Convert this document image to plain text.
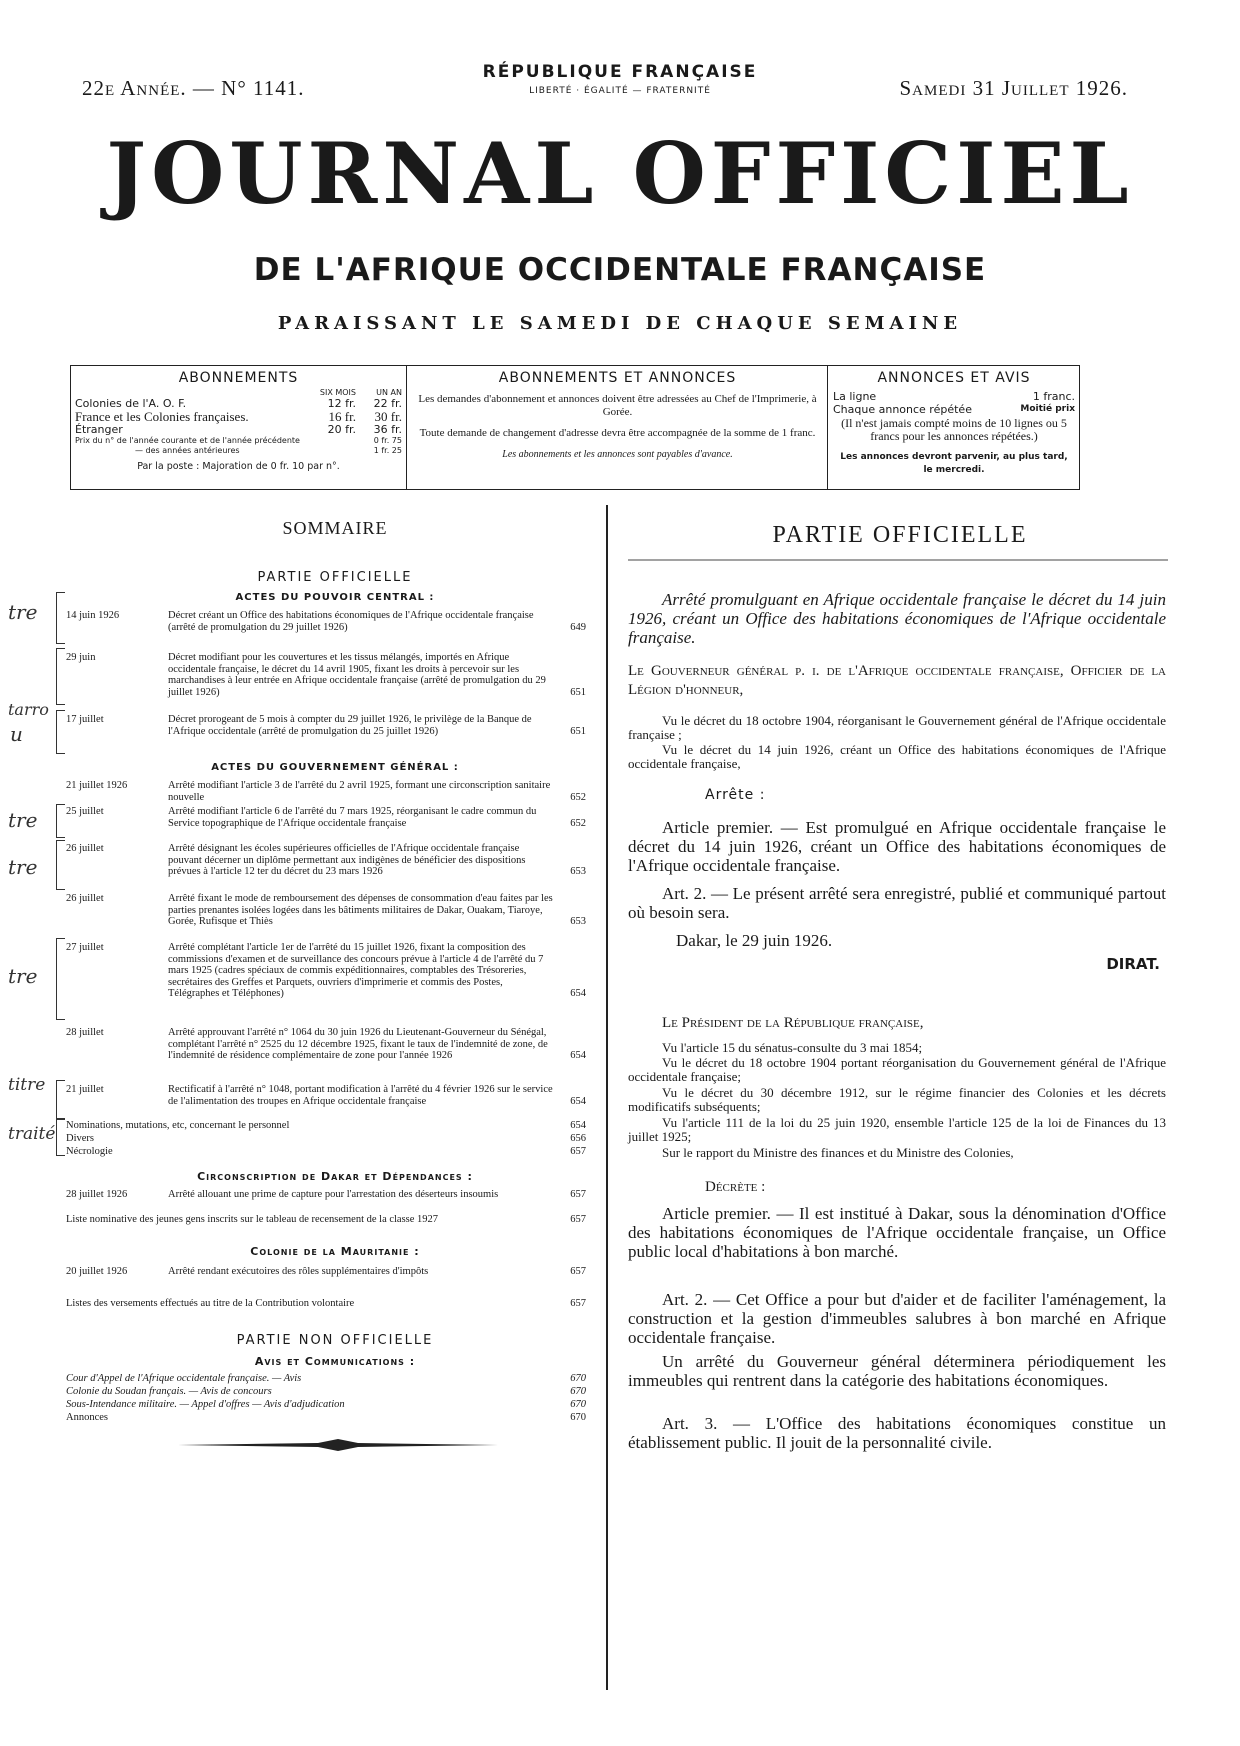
22e Année. — N° 1141.
RÉPUBLIQUE FRANÇAISE
LIBERTÉ · ÉGALITÉ — FRATERNITÉ	Samedi 31 Juillet 1926.
JOURNAL OFFICIEL
DE L'AFRIQUE OCCIDENTALE FRANÇAISE
PARAISSANT LE SAMEDI DE CHAQUE SEMAINE
ABONNEMENTS
SIX MOIS	UN AN
Colonies de l'A. O. F.	12 fr.	22 fr.
France et les Colonies françaises.	16 fr.	30 fr.
Étranger	20 fr.	36 fr.
Prix du n° de l'année courante et de l'année précédente	0 fr. 75
— des années antérieures	1 fr. 25
Par la poste : Majoration de 0 fr. 10 par n°.
ABONNEMENTS ET ANNONCES
Les demandes d'abonnement et annonces doivent être adressées au Chef de l'Imprimerie, à Gorée.
Toute demande de changement d'adresse devra être accompagnée de la somme de 1 franc.
Les abonnements et les annonces sont payables d'avance.
ANNONCES ET AVIS
La ligne	1 franc.
Chaque annonce répétée	Moitié prix
(Il n'est jamais compté moins de 10 lignes ou 5 francs pour les annonces répétées.)
Les annonces devront parvenir, au plus tard, le mercredi.
SOMMAIRE
PARTIE OFFICIELLE
ACTES DU POUVOIR CENTRAL :
14 juin 1926	Décret créant un Office des habitations économiques de l'Afrique occidentale française (arrêté de promulgation du 29 juillet 1926)	649
29 juin	Décret modifiant pour les couvertures et les tissus mélangés, importés en Afrique occidentale française, le décret du 14 avril 1905, fixant les droits à percevoir sur les marchandises à leur entrée en Afrique occidentale française (arrêté de promulgation du 29 juillet 1926)	651
17 juillet	Décret prorogeant de 5 mois à compter du 29 juillet 1926, le privilège de la Banque de l'Afrique occidentale (arrêté de promulgation du 25 juillet 1926)	651
ACTES DU GOUVERNEMENT GÉNÉRAL :
21 juillet 1926	Arrêté modifiant l'article 3 de l'arrêté du 2 avril 1925, formant une circonscription sanitaire nouvelle	652
25 juillet	Arrêté modifiant l'article 6 de l'arrêté du 7 mars 1925, réorganisant le cadre commun du Service topographique de l'Afrique occidentale française	652
26 juillet	Arrêté désignant les écoles supérieures officielles de l'Afrique occidentale française pouvant décerner un diplôme permettant aux indigènes de bénéficier des dispositions prévues à l'article 12 ter du décret du 23 mars 1926	653
26 juillet	Arrêté fixant le mode de remboursement des dépenses de consommation d'eau faites par les parties prenantes isolées logées dans les bâtiments militaires de Dakar, Ouakam, Tiaroye, Gorée, Rufisque et Thiès	653
27 juillet	Arrêté complétant l'article 1er de l'arrêté du 15 juillet 1926, fixant la composition des commissions d'examen et de surveillance des concours prévue à l'article 4 de l'arrêté du 7 mars 1925 (cadres spéciaux de commis expéditionnaires, comptables des Trésoreries, secrétaires des Greffes et Parquets, ouvriers d'imprimerie et commis des Postes, Télégraphes et Téléphones)	654
28 juillet	Arrêté approuvant l'arrêté n° 1064 du 30 juin 1926 du Lieutenant-Gouverneur du Sénégal, complétant l'arrêté n° 2525 du 12 décembre 1925, fixant le taux de l'indemnité de zone, de l'indemnité de résidence complémentaire de zone pour l'année 1926	654
21 juillet	Rectificatif à l'arrêté n° 1048, portant modification à l'arrêté du 4 février 1926 sur le service de l'alimentation des troupes en Afrique occidentale française	654
Nominations, mutations, etc, concernant le personnel	654
Divers	656
Nécrologie	657
Circonscription de Dakar et Dépendances :
28 juillet 1926	Arrêté allouant une prime de capture pour l'arrestation des déserteurs insoumis	657
Liste nominative des jeunes gens inscrits sur le tableau de recensement de la classe 1927	657
Colonie de la Mauritanie :
20 juillet 1926	Arrêté rendant exécutoires des rôles supplémentaires d'impôts	657
Listes des versements effectués au titre de la Contribution volontaire	657
PARTIE NON OFFICIELLE
Avis et Communications :
Cour d'Appel de l'Afrique occidentale française. — Avis	670
Colonie du Soudan français. — Avis de concours	670
Sous-Intendance militaire. — Appel d'offres — Avis d'adjudication	670
Annonces	670
tre
tarro
u
tre
tre
tre
titre
traité
PARTIE OFFICIELLE
Arrêté promulguant en Afrique occidentale française le décret du 14 juin 1926, créant un Office des habitations économiques de l'Afrique occidentale française.
Le Gouverneur général p. i. de l'Afrique occidentale française, Officier de la Légion d'honneur,
Vu le décret du 18 octobre 1904, réorganisant le Gouvernement général de l'Afrique occidentale française ;
Vu le décret du 14 juin 1926, créant un Office des habitations économiques de l'Afrique occidentale française,
Arrête :
Article premier. — Est promulgué en Afrique occidentale française le décret du 14 juin 1926, créant un Office des habitations économiques de l'Afrique occidentale française.
Art. 2. — Le présent arrêté sera enregistré, publié et communiqué partout où besoin sera.
Dakar, le 29 juin 1926.
DIRAT.
Le Président de la République française,
Vu l'article 15 du sénatus-consulte du 3 mai 1854;
Vu le décret du 18 octobre 1904 portant réorganisation du Gouvernement général de l'Afrique occidentale française;
Vu le décret du 30 décembre 1912, sur le régime financier des Colonies et les décrets modificatifs subséquents;
Vu l'article 111 de la loi du 25 juin 1920, ensemble l'article 125 de la loi de Finances du 13 juillet 1925;
Sur le rapport du Ministre des finances et du Ministre des Colonies,
Décrète :
Article premier. — Il est institué à Dakar, sous la dénomination d'Office des habitations économiques de l'Afrique occidentale française, un Office public local d'habitations à bon marché.
Art. 2. — Cet Office a pour but d'aider et de faciliter l'aménagement, la construction et la gestion d'immeubles salubres à bon marché en Afrique occidentale française.
Un arrêté du Gouverneur général déterminera périodiquement les immeubles qui rentrent dans la catégorie des habitations économiques.
Art. 3. — L'Office des habitations économiques constitue un établissement public. Il jouit de la personnalité civile.
